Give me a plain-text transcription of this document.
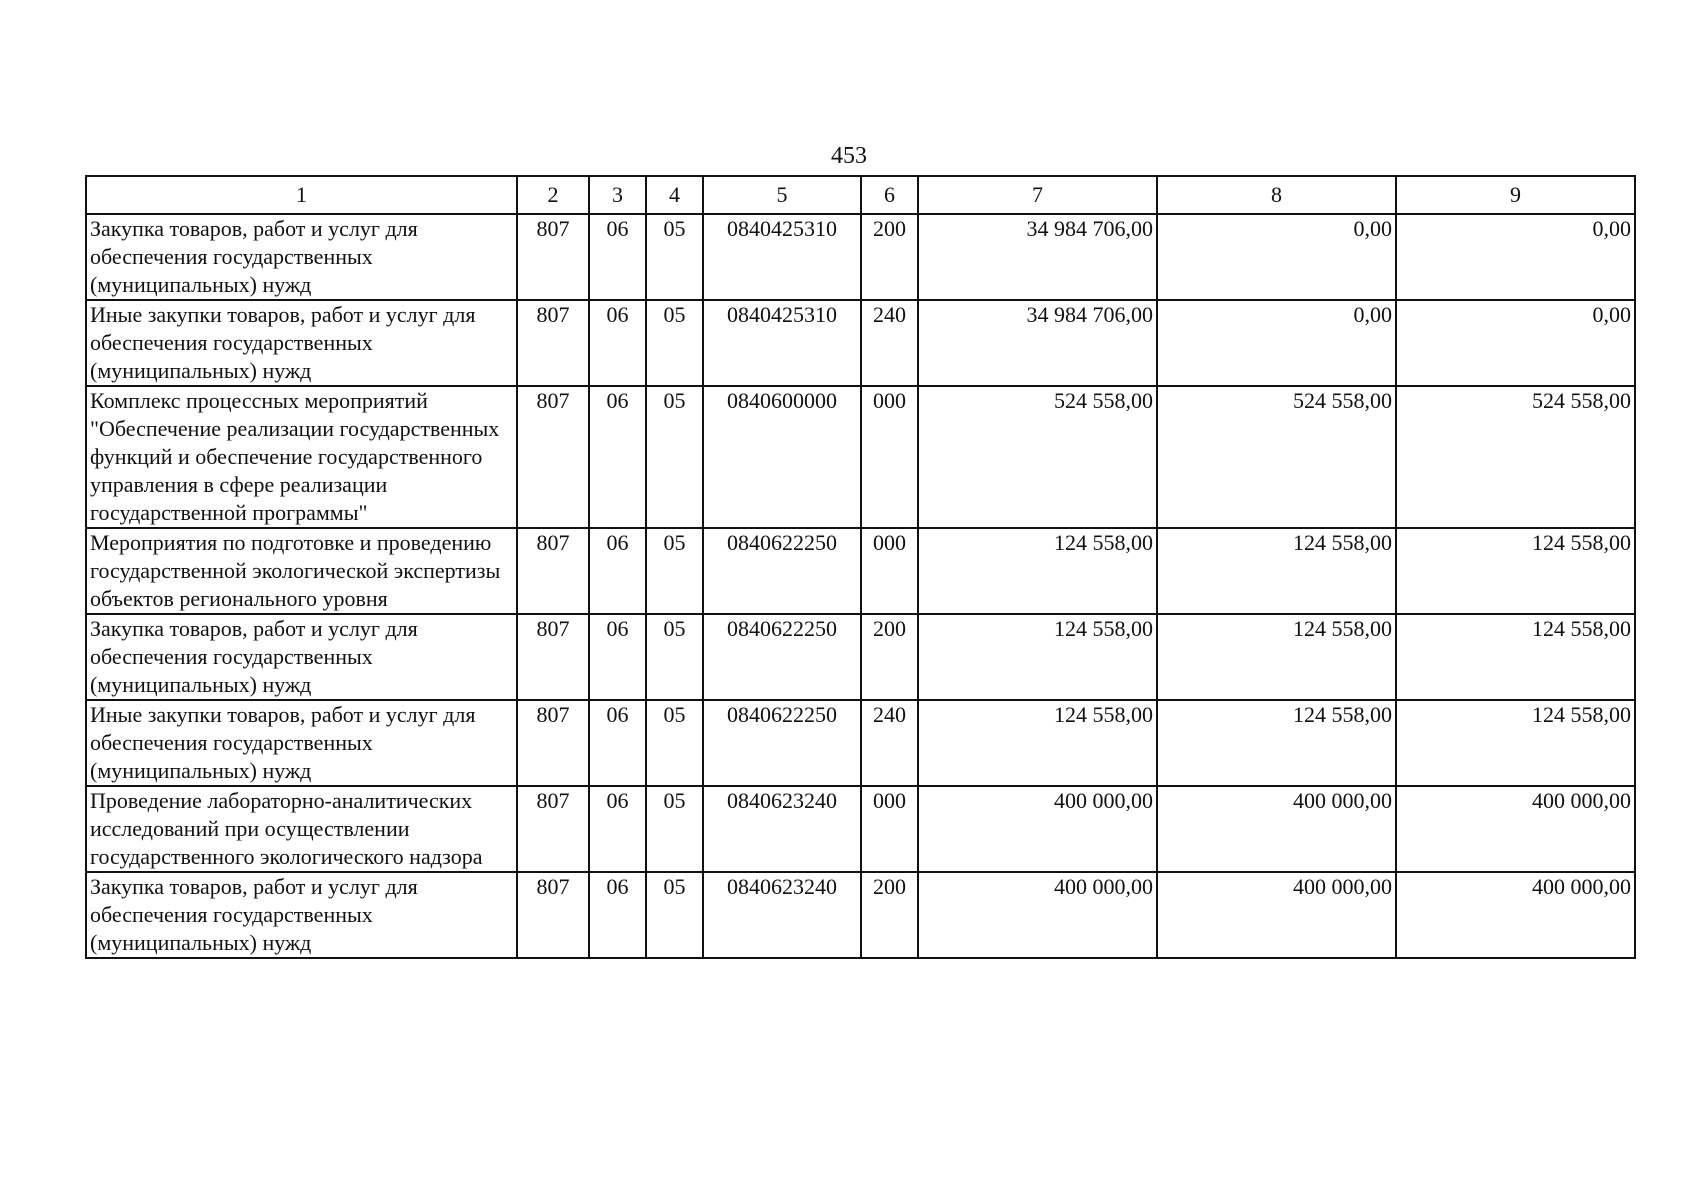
453
1	2	3	4	5	6	7	8	9
Закупка товаров, работ и услуг для обеспечения государственных (муниципальных) нужд	807	06	05	0840425310	200	34 984 706,00	0,00	0,00
Иные закупки товаров, работ и услуг для обеспечения государственных (муниципальных) нужд	807	06	05	0840425310	240	34 984 706,00	0,00	0,00
Комплекс процессных мероприятий "Обеспечение реализации государственных функций и обеспечение государственного управления в сфере реализации государственной программы"	807	06	05	0840600000	000	524 558,00	524 558,00	524 558,00
Мероприятия по подготовке и проведению государственной экологической экспертизы объектов регионального уровня	807	06	05	0840622250	000	124 558,00	124 558,00	124 558,00
Закупка товаров, работ и услуг для обеспечения государственных (муниципальных) нужд	807	06	05	0840622250	200	124 558,00	124 558,00	124 558,00
Иные закупки товаров, работ и услуг для обеспечения государственных (муниципальных) нужд	807	06	05	0840622250	240	124 558,00	124 558,00	124 558,00
Проведение лабораторно-аналитических исследований при осуществлении государственного экологического надзора	807	06	05	0840623240	000	400 000,00	400 000,00	400 000,00
Закупка товаров, работ и услуг для обеспечения государственных (муниципальных) нужд	807	06	05	0840623240	200	400 000,00	400 000,00	400 000,00
